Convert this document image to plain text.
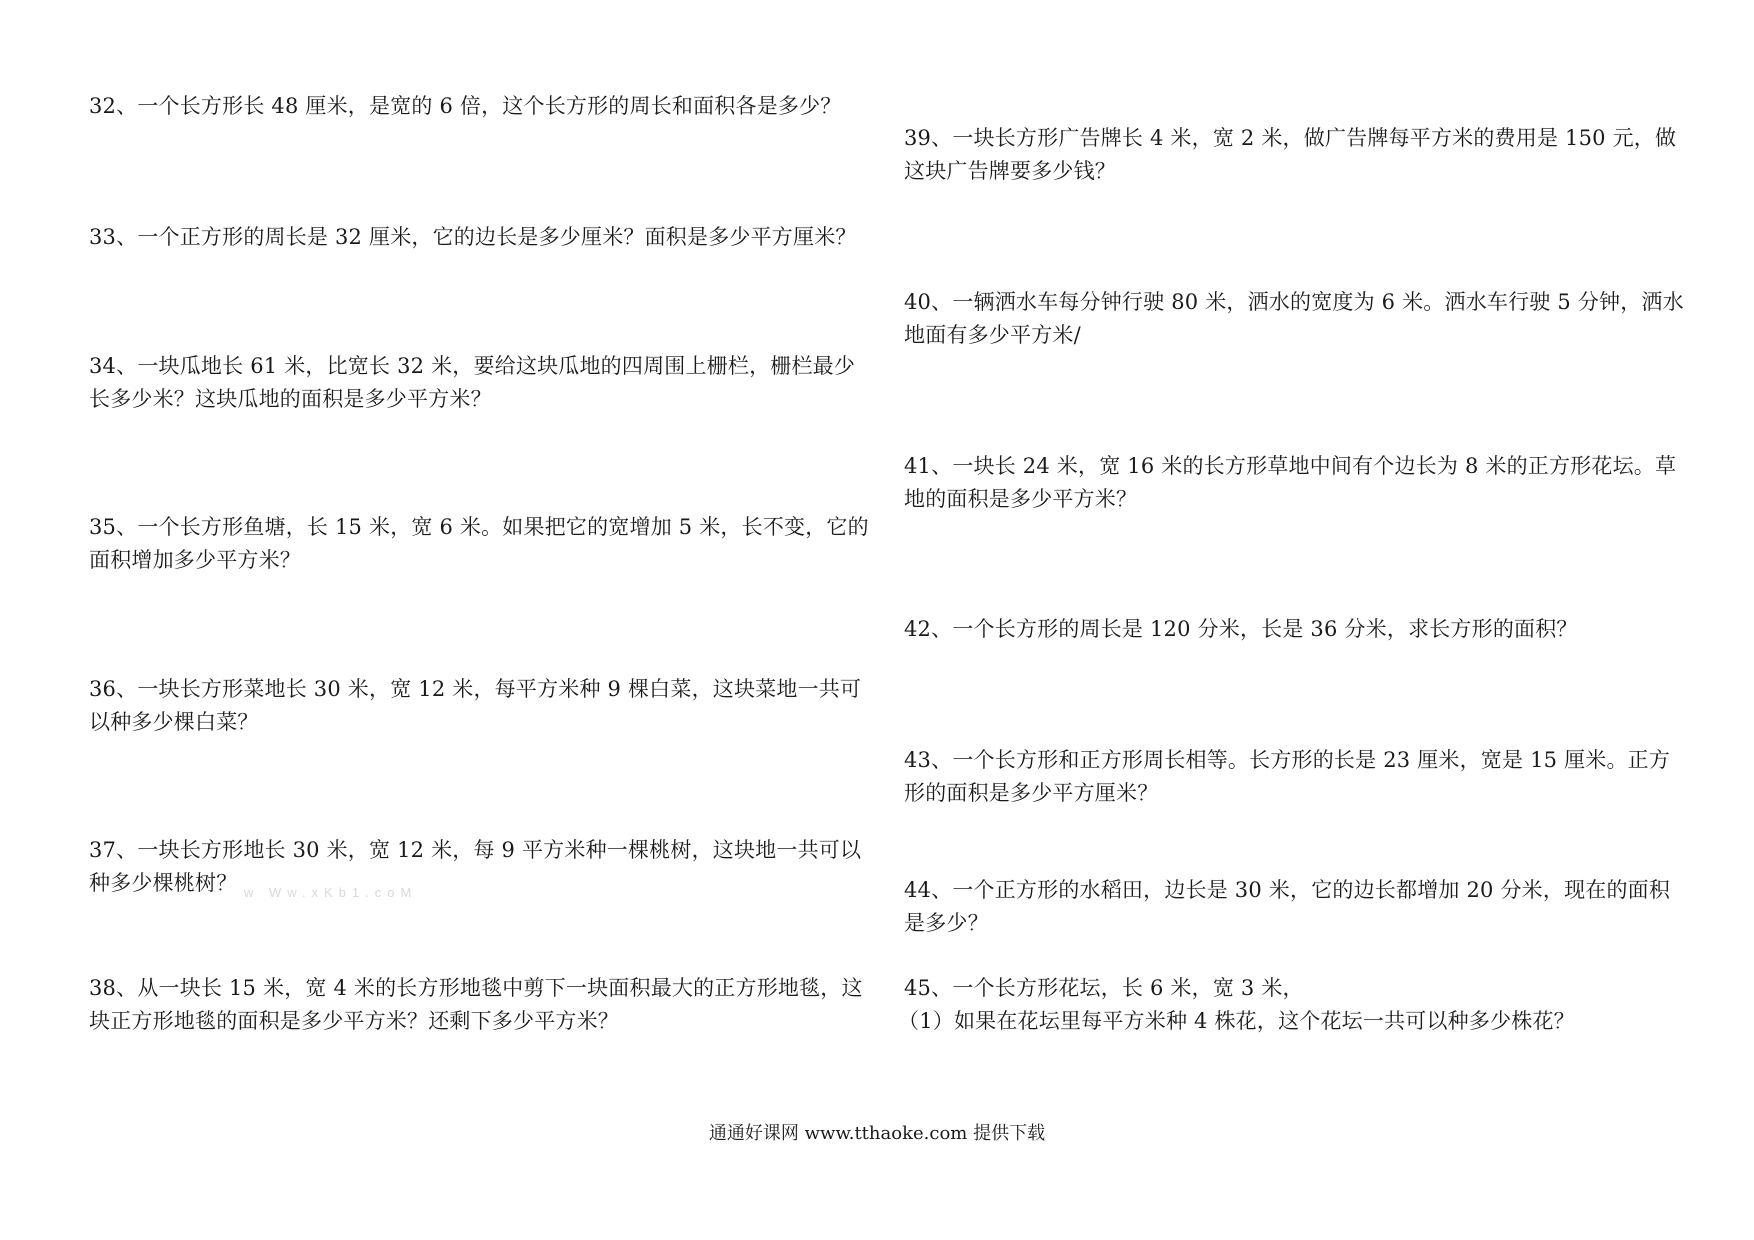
32、一个长方形长 48 厘米，是宽的 6 倍，这个长方形的周长和面积各是多少？

33、一个正方形的周长是 32 厘米，它的边长是多少厘米？面积是多少平方厘米？

34、一块瓜地长 61 米，比宽长 32 米，要给这块瓜地的四周围上栅栏，栅栏最少

长多少米？这块瓜地的面积是多少平方米？

35、一个长方形鱼塘，长 15 米，宽 6 米。如果把它的宽增加 5 米，长不变，它的

面积增加多少平方米？

36、一块长方形菜地长 30 米，宽 12 米，每平方米种 9 棵白菜，这块菜地一共可

以种多少棵白菜？

37、一块长方形地长 30 米，宽 12 米，每 9 平方米种一棵桃树，这块地一共可以

种多少棵桃树？ w Ww.xKb1.coM

38、从一块长 15 米，宽 4 米的长方形地毯中剪下一块面积最大的正方形地毯，这

块正方形地毯的面积是多少平方米？还剩下多少平方米？

39、一块长方形广告牌长 4 米，宽 2 米，做广告牌每平方米的费用是 150 元，做

这块广告牌要多少钱？

40、一辆洒水车每分钟行驶 80 米，洒水的宽度为 6 米。洒水车行驶 5 分钟，洒水

地面有多少平方米/

41、一块长 24 米，宽 16 米的长方形草地中间有个边长为 8 米的正方形花坛。草

地的面积是多少平方米？

42、一个长方形的周长是 120 分米，长是 36 分米，求长方形的面积？

43、一个长方形和正方形周长相等。长方形的长是 23 厘米，宽是 15 厘米。正方

形的面积是多少平方厘米？

44、一个正方形的水稻田，边长是 30 米，它的边长都增加 20 分米，现在的面积

是多少？

45、一个长方形花坛，长 6 米，宽 3 米，

（1）如果在花坛里每平方米种 4 株花，这个花坛一共可以种多少株花？

通通好课网 www.tthaoke.com 提供下载
